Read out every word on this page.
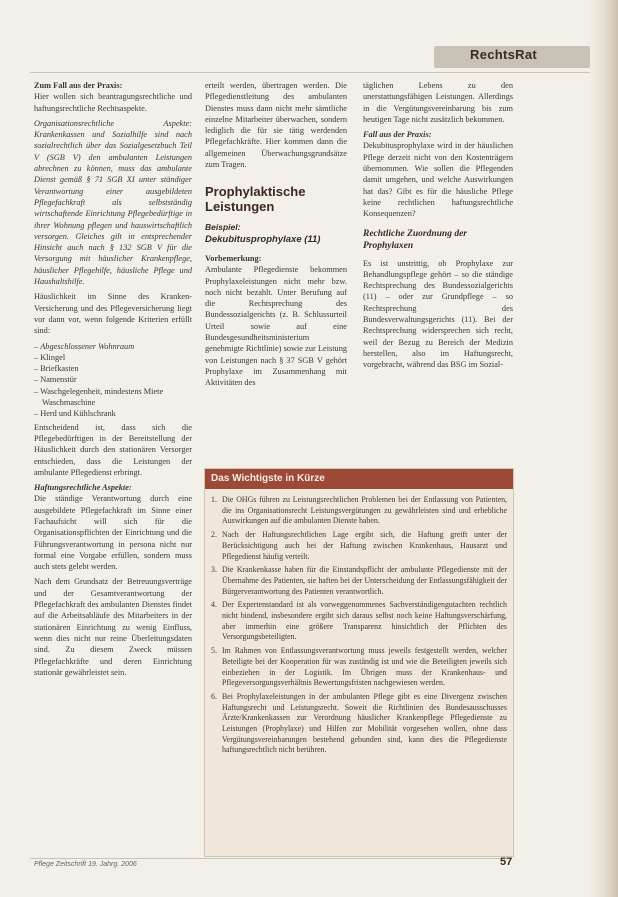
RechtsRat

Zum Fall aus der Praxis:

Hier wollen sich beantragungsrechtliche und haftungsrechtliche Rechtsaspekte.

Organisationsrechtliche Aspekte: Krankenkassen und Sozialhilfe sind nach sozialrechtlich über das Sozialgesetzbuch Teil V (SGB V) den ambulanten Leistungen abrechnen zu können, muss das ambulante Dienst gemäß § 71 SGB XI unter ständiger Verantwortung einer ausgebildeten Pflegefachkraft als selbstständig wirtschaftende Einrichtung Pflegebedürftige in ihrer Wohnung pflegen und hauswirtschaftlich versorgen. Gleiches gilt in entsprechender Hinsicht auch nach § 132 SGB V für die Versorgung mit häuslicher Krankenpflege, häuslicher Pflegehilfe, häusliche Pflege und Haushaltshilfe.

Häuslichkeit im Sinne des Kranken-Versicherung und des Pflegeversicherung liegt vor dann vor, wenn folgende Kriterien erfüllt sind:

– Abgeschlossener Wohnraum
– Klingel
– Briefkasten
– Namenstür
– Waschgelegenheit, mindestens Miete Waschmaschine
– Herd und Kühlschrank

Entscheidend ist, dass sich die Pflegebedürftigen in der Bereitstellung der Häuslichkeit durch den stationären Versorger entschieden, dass die Leistungen der ambulante Pflegedienst erbringt.

Haftungsrechtliche Aspekte:

Die ständige Verantwortung durch eine ausgebildete Pflegefachkraft im Sinne einer Fachaufsicht will sich für die Organisationspflichten der Einrichtung und die Führungsverantwortung in persona nicht nur formal eine Vorgabe erfüllen, sondern muss auch stets gelebt werden.

Nach dem Grundsatz der Betreuungsverträge und der Gesamtverantwortung der Pflegefachkraft des ambulanten Dienstes findet auf die Arbeitsabläufe des Mitarbeiters in der stationären Einrichtung zu wenig Einfluss, wenn dies nicht nur reine Überleitungsdaten sind. Zu diesem Zweck müssen Pflegefachkräfte und deren Einrichtung stationär gewährleistet sein.

erteilt werden, übertragen werden. Die Pflegedienstleitung des ambulanten Dienstes muss dann nicht mehr sämtliche einzelne Mitarbeiter überwachen, sondern lediglich die für sie tätig werdenden Pflegefachkräfte. Hier kommen dann die allgemeinen Überwachungsgrundsätze zum Tragen.

Prophylaktische Leistungen
Beispiel:
Dekubitusprophylaxe (11)

Vorbemerkung:

Ambulante Pflegedienste bekommen Prophylaxeleistungen nicht mehr bzw. noch nicht bezahlt. Unter Berufung auf die Rechtsprechung des Bundessozialgerichts (z. B. Schlussurteil Urteil sowie auf eine Bundesgesundheitsministerium genehmigte Richtlinie) sowie zur Leistung von Leistungen nach § 37 SGB V gehört Prophylaxe im Zusammenhang mit Aktivitäten des

täglichen Lebens zu den unerstattungsfähigen Leistungen. Allerdings in die Vergütungsvereinbarung bis zum heutigen Tage nicht zusätzlich bekommen.

Fall aus der Praxis:

Dekubitusprophylaxe wird in der häuslichen Pflege derzeit nicht von den Kostenträgern übernommen. Wie sollen die Pflegenden damit umgehen, und welche Auswirkungen hat das? Gibt es für die häusliche Pflege keine rechtlichen haftungsrechtliche Konsequenzen?

Rechtliche Zuordnung der Prophylaxen

Es ist unstrittig, ob Prophylaxe zur Behandlungspflege gehört – so die ständige Rechtsprechung des Bundessozialgerichts (11) – oder zur Grundpflege – so Rechtsprechung des Bundesverwaltungsgerichts (11). Bei der Rechtsprechung widersprechen sich recht, weil der Bezug zu Bereich der Medizin herstellen, also im Haftungsrecht, vorgebracht, während das BSG im Sozial-

Das Wichtigste in Kürze
1. Die OHGs führen zu Leistungsrechtlichen Problemen bei der Entlassung von Patienten, die ins Organisationsrecht Leistungsvergütungen zu gewährleisten sind und erhebliche Auswirkungen auf die ambulanten Dienste haben.
2. Nach der Haftungsrechtlichen Lage ergibt sich, die Haftung greift unter der Berücksichtigung auch bei der Haftung zwischen Krankenhaus, Hausarzt und Pflegedienst häufig verteilt.
3. Die Krankenkasse haben für die Einstandspflicht der ambulante Pflegedienste mit der Übernahme des Patienten, sie haften bei der Unterscheidung der Entlassungsfähigkeit der Bürgerverantwortung des Patienten verantwortlich.
4. Der Expertenstandard ist als vorweggenommenes Sachverständigengutachten rechtlich nicht bindend, insbesondere ergibt sich daraus selbst noch keine Haftungsverschärfung, aber immerhin eine größere Transparenz hinsichtlich der Pflichten des Versorgungsbeteiligten.
5. Im Rahmen von Entlassungsverantwortung muss jeweils festgestellt werden, welcher Beteiligte bei der Kooperation für was zuständig ist und wie die Beteiligten jeweils sich einbeziehen in der Logistik. Im Übrigen muss der Krankenhaus- und Pflegeversorgungsverhältnis Bewertungsfristen nachgewiesen werden.
6. Bei Prophylaxeleistungen in der ambulanten Pflege gibt es eine Divergenz zwischen Haftungsrecht und Leistungsrecht. Soweit die Richtlinien des Bundesausschusses Ärzte/Krankenkassen zur Verordnung häuslicher Krankenpflege Pflegedienste zu Leistungen (Prophylaxe) und Hilfen zur Mobilität vorgesehen wollen, ohne dass Vergütungsvereinbarungen bestehend gebunden sind, kann dies die Pflegedienste haftungsrechtlich nicht berühren.
Pflege Zeitschrift 19. Jahrg. 2006	57
